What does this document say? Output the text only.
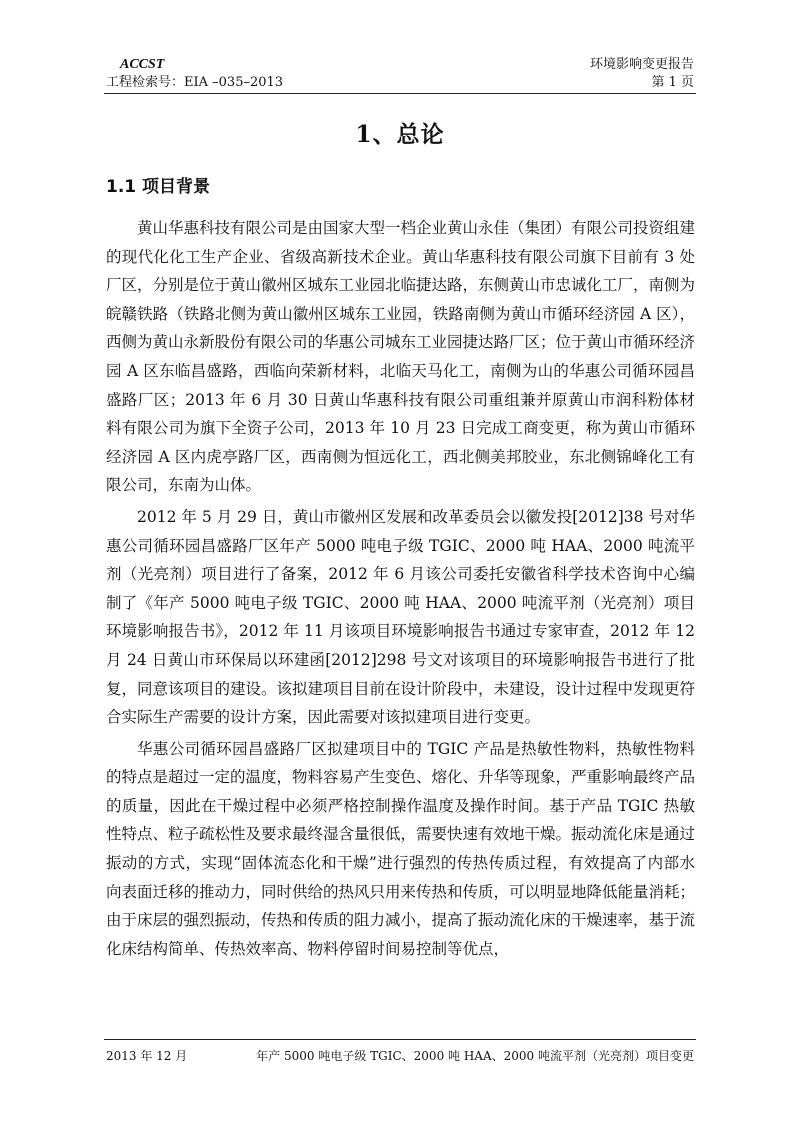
ACCST
工程检索号：EIA –035–2013
环境影响变更报告
第 1 页
1、总论
1.1 项目背景

黄山华惠科技有限公司是由国家大型一档企业黄山永佳（集团）有限公司投资组建的现代化化工生产企业、省级高新技术企业。黄山华惠科技有限公司旗下目前有 3 处厂区，分别是位于黄山徽州区城东工业园北临捷达路，东侧黄山市忠诚化工厂，南侧为皖赣铁路（铁路北侧为黄山徽州区城东工业园，铁路南侧为黄山市循环经济园 A 区），西侧为黄山永新股份有限公司的华惠公司城东工业园捷达路厂区；位于黄山市循环经济园 A 区东临昌盛路，西临向荣新材料，北临天马化工，南侧为山的华惠公司循环园昌盛路厂区；2013 年 6 月 30 日黄山华惠科技有限公司重组兼并原黄山市润科粉体材料有限公司为旗下全资子公司，2013 年 10 月 23 日完成工商变更，称为黄山市循环经济园 A 区内虎亭路厂区，西南侧为恒远化工，西北侧美邦胶业，东北侧锦峰化工有限公司，东南为山体。

2012 年 5 月 29 日，黄山市徽州区发展和改革委员会以徽发投[2012]38 号对华惠公司循环园昌盛路厂区年产 5000 吨电子级 TGIC、2000 吨 HAA、2000 吨流平剂（光亮剂）项目进行了备案，2012 年 6 月该公司委托安徽省科学技术咨询中心编制了《年产 5000 吨电子级 TGIC、2000 吨 HAA、2000 吨流平剂（光亮剂）项目环境影响报告书》，2012 年 11 月该项目环境影响报告书通过专家审查，2012 年 12 月 24 日黄山市环保局以环建函[2012]298 号文对该项目的环境影响报告书进行了批复，同意该项目的建设。该拟建项目目前在设计阶段中，未建设，设计过程中发现更符合实际生产需要的设计方案，因此需要对该拟建项目进行变更。

华惠公司循环园昌盛路厂区拟建项目中的 TGIC 产品是热敏性物料，热敏性物料的特点是超过一定的温度，物料容易产生变色、熔化、升华等现象，严重影响最终产品的质量，因此在干燥过程中必须严格控制操作温度及操作时间。基于产品 TGIC 热敏性特点、粒子疏松性及要求最终湿含量很低，需要快速有效地干燥。振动流化床是通过振动的方式，实现“固体流态化和干燥”进行强烈的传热传质过程，有效提高了内部水向表面迁移的推动力，同时供给的热风只用来传热和传质，可以明显地降低能量消耗；由于床层的强烈振动，传热和传质的阻力减小，提高了振动流化床的干燥速率，基于流化床结构简单、传热效率高、物料停留时间易控制等优点，

2013 年 12 月	年产 5000 吨电子级 TGIC、2000 吨 HAA、2000 吨流平剂（光亮剂）项目变更
